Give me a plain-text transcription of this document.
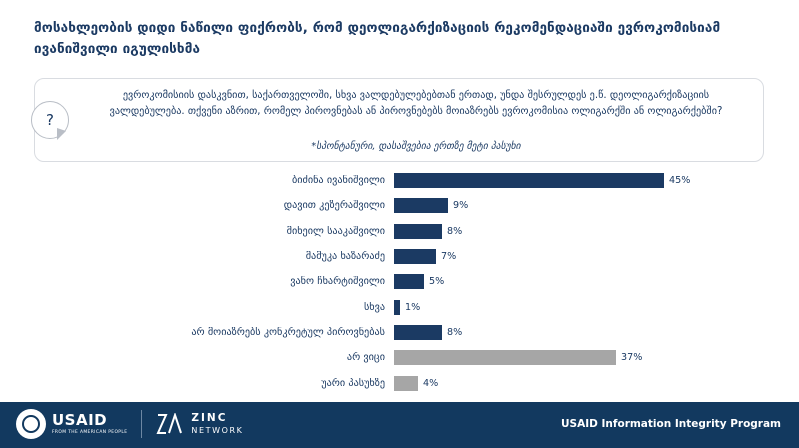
მოსახლეობის დიდი ნაწილი ფიქრობს, რომ დეოლიგარქიზაციის რეკომენდაციაში ევროკომისიამ ივანიშვილი იგულისხმა
?
ევროკომისიის დასკვნით, საქართველოში, სხვა ვალდებულებებთან ერთად, უნდა შესრულდეს ე.წ. დეოლიგარქიზაციის ვალდებულება. თქვენი აზრით, რომელ პიროვნებას ან პიროვნებებს მოიაზრებს ევროკომისია ოლიგარქში ან ოლიგარქებში?
*სპონტანური, დასაშვებია ერთზე მეტი პასუხი
ბიძინა ივანიშვილი	45%
დავით კეზერაშვილი	9%
მიხეილ სააკაშვილი	8%
მამუკა ხაზარაძე	7%
ვანო ჩხარტიშვილი	5%
სხვა	1%
არ მოიაზრებს კონკრეტულ პიროვნებას	8%
არ ვიცი	37%
უარი პასუხზე	4%
USAID
FROM THE AMERICAN PEOPLE
ZINC
NETWORK
USAID Information Integrity Program
